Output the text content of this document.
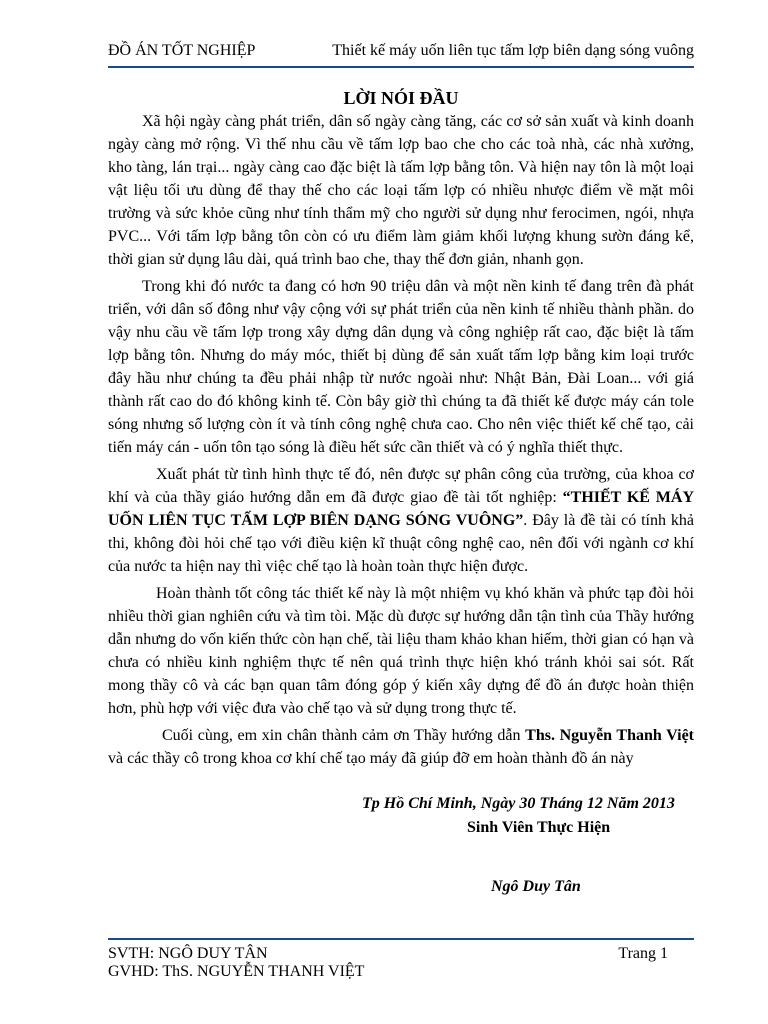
ĐỒ ÁN TỐT NGHIỆP	Thiết kế máy uốn liên tục tấm lợp biên dạng sóng vuông
LỜI NÓI ĐẦU

Xã hội ngày càng phát triển, dân số ngày càng tăng, các cơ sở sản xuất và kinh doanh ngày càng mở rộng. Vì thế nhu cầu về tấm lợp bao che cho các toà nhà, các nhà xưởng, kho tàng, lán trại... ngày càng cao đặc biệt là tấm lợp bằng tôn. Và hiện nay tôn là một loại vật liệu tối ưu dùng để thay thế cho các loại tấm lợp có nhiều nhược điểm về mặt môi trường và sức khỏe cũng như tính thẩm mỹ cho người sử dụng như ferocimen, ngói, nhựa PVC... Với tấm lợp bằng tôn còn có ưu điểm làm giảm khối lượng khung sườn đáng kể, thời gian sử dụng lâu dài, quá trình bao che, thay thế đơn giản, nhanh gọn.

Trong khi đó nước ta đang có hơn 90 triệu dân và một nền kinh tế đang trên đà phát triển, với dân số đông như vậy cộng với sự phát triển của nền kinh tế nhiều thành phần. do vậy nhu cầu về tấm lợp trong xây dựng dân dụng và công nghiệp rất cao, đặc biệt là tấm lợp bằng tôn. Nhưng do máy móc, thiết bị dùng để sản xuất tấm lợp bằng kim loại trước đây hầu như chúng ta đều phải nhập từ nước ngoài như: Nhật Bản, Đài Loan... với giá thành rất cao do đó không kinh tế. Còn bây giờ thì chúng ta đã thiết kế được máy cán tole sóng nhưng số lượng còn ít và tính công nghệ chưa cao. Cho nên việc thiết kế chế tạo, cải tiến máy cán - uốn tôn tạo sóng là điều hết sức cần thiết và có ý nghĩa thiết thực.

Xuất phát từ tình hình thực tế đó, nên được sự phân công của trường, của khoa cơ khí và của thầy giáo hướng dẫn em đã được giao đề tài tốt nghiệp: “THIẾT KẾ MÁY UỐN LIÊN TỤC TẤM LỢP BIÊN DẠNG SÓNG VUÔNG”. Đây là đề tài có tính khả thi, không đòi hỏi chế tạo với điều kiện kĩ thuật công nghệ cao, nên đối với ngành cơ khí của nước ta hiện nay thì việc chế tạo là hoàn toàn thực hiện được.

Hoàn thành tốt công tác thiết kế này là một nhiệm vụ khó khăn và phức tạp đòi hỏi nhiều thời gian nghiên cứu và tìm tòi. Mặc dù được sự hướng dẫn tận tình của Thầy hướng dẫn nhưng do vốn kiến thức còn hạn chế, tài liệu tham khảo khan hiếm, thời gian có hạn và chưa có nhiều kinh nghiệm thực tế nên quá trình thực hiện khó tránh khỏi sai sót. Rất mong thầy cô và các bạn quan tâm đóng góp ý kiến xây dựng để đồ án được hoàn thiện hơn, phù hợp với việc đưa vào chế tạo và sử dụng trong thực tế.

Cuối cùng, em xin chân thành cảm ơn Thầy hướng dẫn Ths. Nguyễn Thanh Việt và các thầy cô trong khoa cơ khí chế tạo máy đã giúp đỡ em hoàn thành đồ án này

Tp Hồ Chí Minh, Ngày 30 Tháng 12 Năm 2013
Sinh Viên Thực Hiện
Ngô Duy Tân
SVTH: NGÔ DUY TÂN
GVHD: ThS. NGUYỄN THANH VIỆT
Trang 1
